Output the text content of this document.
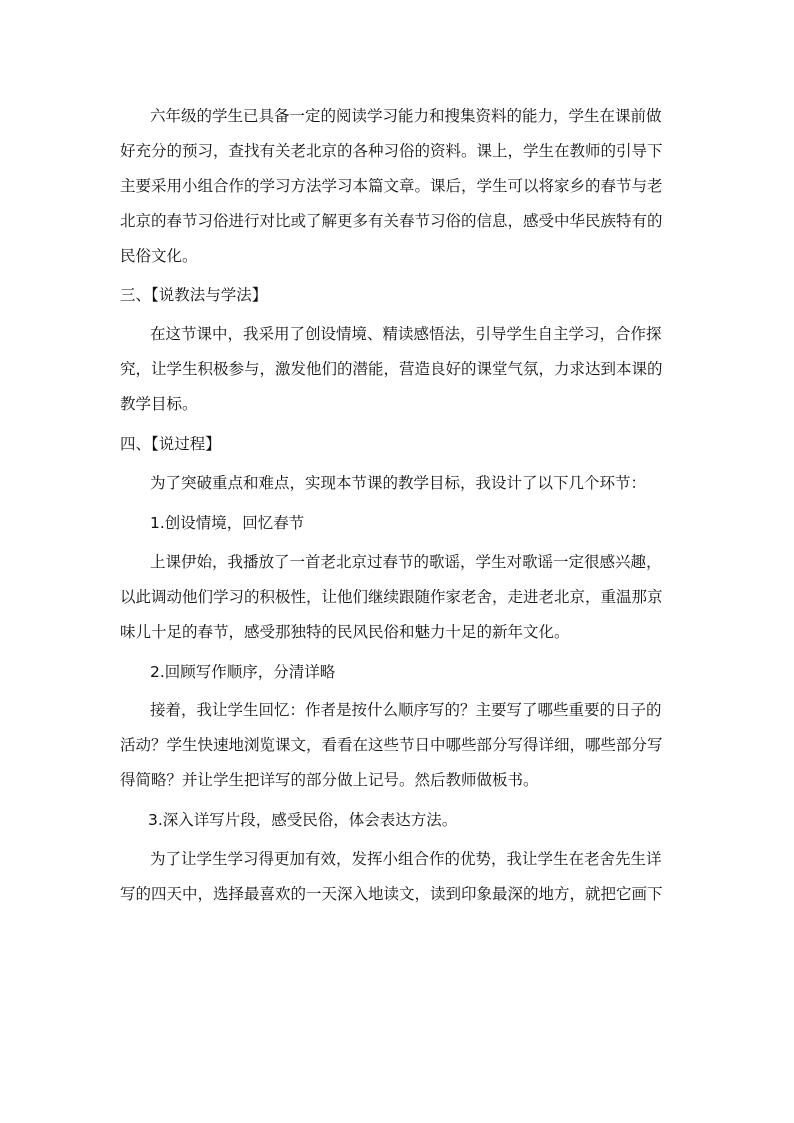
六年级的学生已具备一定的阅读学习能力和搜集资料的能力，学生在课前做
好充分的预习，查找有关老北京的各种习俗的资料。课上，学生在教师的引导下
主要采用小组合作的学习方法学习本篇文章。课后，学生可以将家乡的春节与老
北京的春节习俗进行对比或了解更多有关春节习俗的信息，感受中华民族特有的
民俗文化。
三、【说教法与学法】
在这节课中，我采用了创设情境、精读感悟法，引导学生自主学习，合作探
究，让学生积极参与，激发他们的潜能，营造良好的课堂气氛，力求达到本课的
教学目标。
四、【说过程】
为了突破重点和难点，实现本节课的教学目标，我设计了以下几个环节：
1.创设情境，回忆春节
上课伊始，我播放了一首老北京过春节的歌谣，学生对歌谣一定很感兴趣，
以此调动他们学习的积极性，让他们继续跟随作家老舍，走进老北京，重温那京
味儿十足的春节，感受那独特的民风民俗和魅力十足的新年文化。
2.回顾写作顺序，分清详略
接着，我让学生回忆：作者是按什么顺序写的？主要写了哪些重要的日子的
活动？学生快速地浏览课文，看看在这些节日中哪些部分写得详细，哪些部分写
得简略？并让学生把详写的部分做上记号。然后教师做板书。
3.深入详写片段，感受民俗，体会表达方法。
为了让学生学习得更加有效，发挥小组合作的优势，我让学生在老舍先生详
写的四天中，选择最喜欢的一天深入地读文，读到印象最深的地方，就把它画下
